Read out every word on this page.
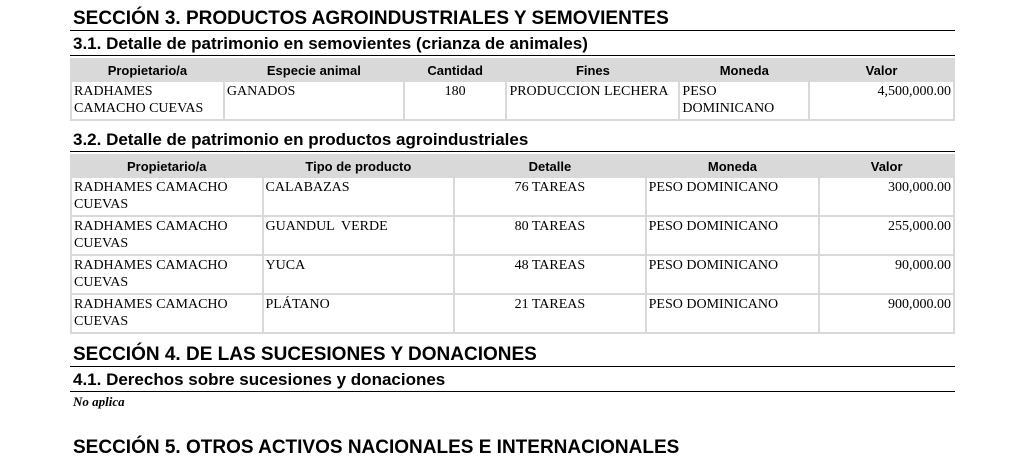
SECCIÓN 3. PRODUCTOS AGROINDUSTRIALES Y SEMOVIENTES
3.1. Detalle de patrimonio en semovientes (crianza de animales)
Propietario/a	Especie animal	Cantidad	Fines	Moneda	Valor
RADHAMES CAMACHO CUEVAS	GANADOS	180	PRODUCCION LECHERA	PESO DOMINICANO	4,500,000.00
3.2. Detalle de patrimonio en productos agroindustriales
Propietario/a	Tipo de producto	Detalle	Moneda	Valor
RADHAMES CAMACHO CUEVAS	CALABAZAS	76 TAREAS	PESO DOMINICANO	300,000.00
RADHAMES CAMACHO CUEVAS	GUANDUL  VERDE	80 TAREAS	PESO DOMINICANO	255,000.00
RADHAMES CAMACHO CUEVAS	YUCA	48 TAREAS	PESO DOMINICANO	90,000.00
RADHAMES CAMACHO CUEVAS	PLÁTANO	21 TAREAS	PESO DOMINICANO	900,000.00
SECCIÓN 4. DE LAS SUCESIONES Y DONACIONES
4.1. Derechos sobre sucesiones y donaciones
No aplica
SECCIÓN 5. OTROS ACTIVOS NACIONALES E INTERNACIONALES
